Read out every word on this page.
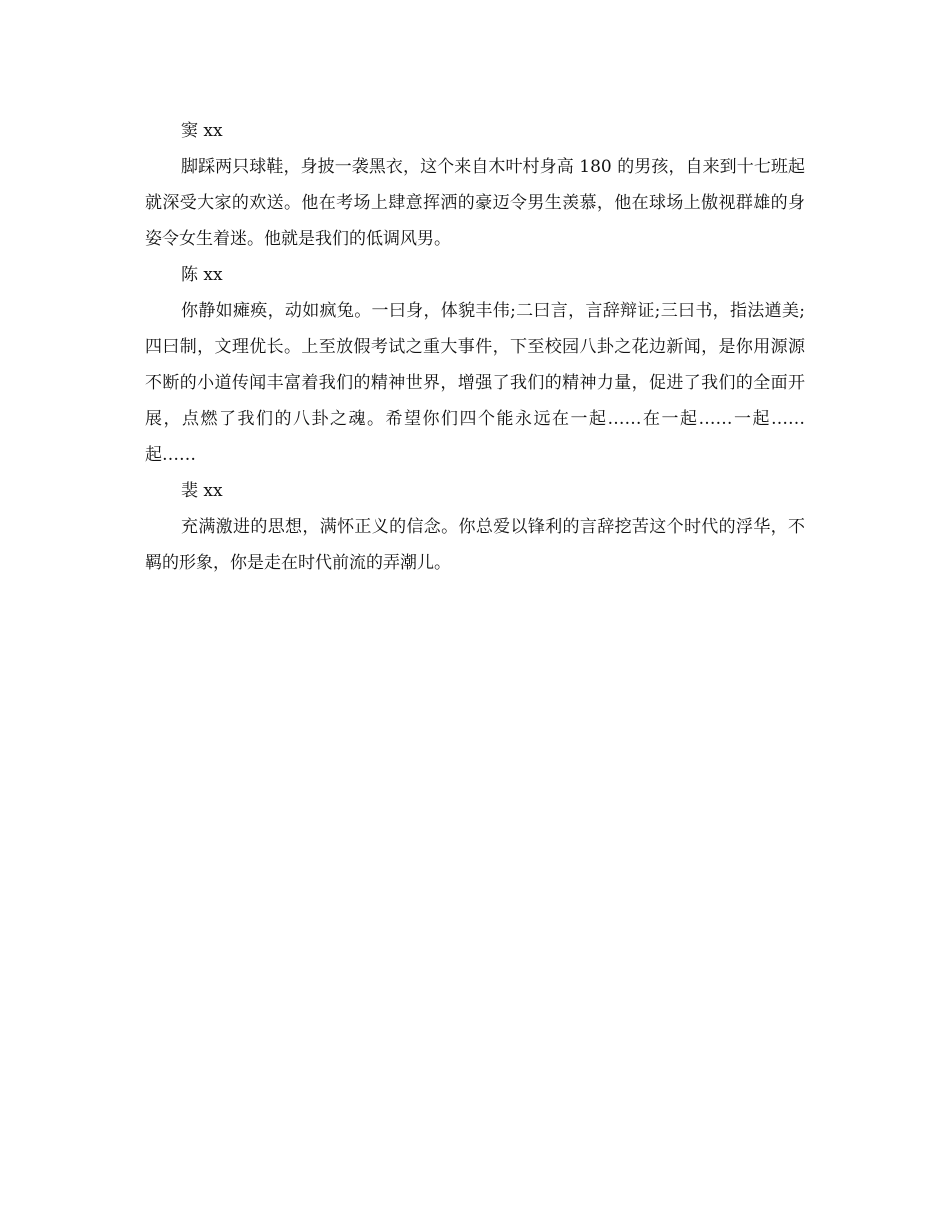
窦 xx

脚踩两只球鞋，身披一袭黑衣，这个来自木叶村身高 180 的男孩，自来到十七班起就深受大家的欢送。他在考场上肆意挥洒的豪迈令男生羡慕，他在球场上傲视群雄的身姿令女生着迷。他就是我们的低调风男。

陈 xx

你静如瘫痪，动如疯兔。一曰身，体貌丰伟;二曰言，言辞辩证;三曰书，指法遒美;四曰制，文理优长。上至放假考试之重大事件，下至校园八卦之花边新闻，是你用源源不断的小道传闻丰富着我们的精神世界，增强了我们的精神力量，促进了我们的全面开展，点燃了我们的八卦之魂。希望你们四个能永远在一起……在一起……一起……起……

裴 xx

充满激进的思想，满怀正义的信念。你总爱以锋利的言辞挖苦这个时代的浮华，不羁的形象，你是走在时代前流的弄潮儿。
